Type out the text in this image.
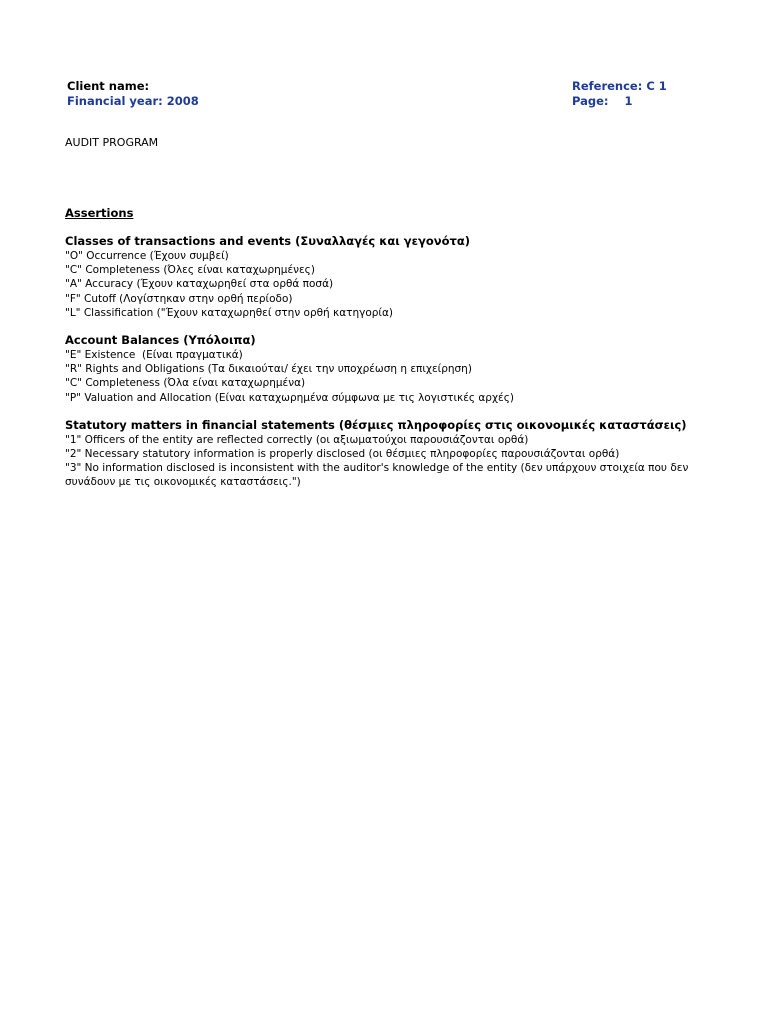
Client name:
Financial year: 2008
Reference: C 1
Page:    1
AUDIT PROGRAM
Assertions
Classes of transactions and events (Συναλλαγές και γεγονότα)
"O" Occurrence (Έχουν συμβεί)
"C" Completeness (Όλες είναι καταχωρημένες)
"A" Accuracy (Έχουν καταχωρηθεί στα ορθά ποσά)
"F" Cutoff (Λογίστηκαν στην ορθή περίοδο)
"L" Classification ("Έχουν καταχωρηθεί στην ορθή κατηγορία)
Account Balances (Υπόλοιπα)
"E" Existence  (Είναι πραγματικά)
"R" Rights and Obligations (Τα δικαιούται/ έχει την υποχρέωση η επιχείρηση)
"C" Completeness (Όλα είναι καταχωρημένα)
"P" Valuation and Allocation (Είναι καταχωρημένα σύμφωνα με τις λογιστικές αρχές)
Statutory matters in financial statements (θέσμιες πληροφορίες στις οικονομικές καταστάσεις)
"1" Officers of the entity are reflected correctly (οι αξιωματούχοι παρουσιάζονται ορθά)
"2" Necessary statutory information is properly disclosed (οι θέσμιες πληροφορίες παρουσιάζονται ορθά)
"3" No information disclosed is inconsistent with the auditor's knowledge of the entity (δεν υπάρχουν στοιχεία που δεν
συνάδουν με τις οικονομικές καταστάσεις.")
